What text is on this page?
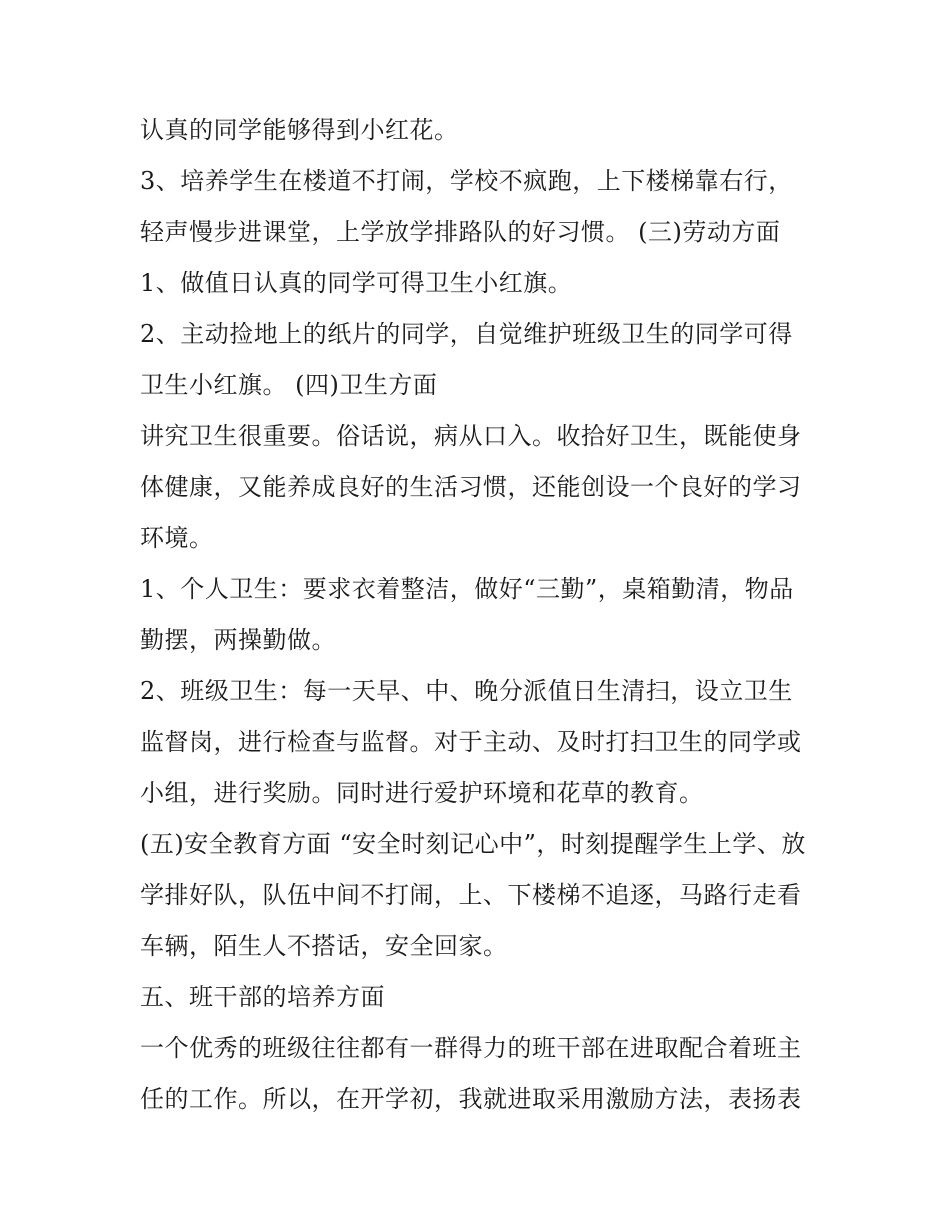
认真的同学能够得到小红花。
3、培养学生在楼道不打闹，学校不疯跑，上下楼梯靠右行，
轻声慢步进课堂，上学放学排路队的好习惯。 (三)劳动方面
1、做值日认真的同学可得卫生小红旗。
2、主动捡地上的纸片的同学，自觉维护班级卫生的同学可得
卫生小红旗。 (四)卫生方面
讲究卫生很重要。俗话说，病从口入。收拾好卫生，既能使身
体健康，又能养成良好的生活习惯，还能创设一个良好的学习
环境。
1、个人卫生：要求衣着整洁，做好“三勤”，桌箱勤清，物品
勤摆，两操勤做。
2、班级卫生：每一天早、中、晚分派值日生清扫，设立卫生
监督岗，进行检查与监督。对于主动、及时打扫卫生的同学或
小组，进行奖励。同时进行爱护环境和花草的教育。
(五)安全教育方面 “安全时刻记心中”，时刻提醒学生上学、放
学排好队，队伍中间不打闹，上、下楼梯不追逐，马路行走看
车辆，陌生人不搭话，安全回家。
五、班干部的培养方面
一个优秀的班级往往都有一群得力的班干部在进取配合着班主
任的工作。所以，在开学初，我就进取采用激励方法，表扬表
